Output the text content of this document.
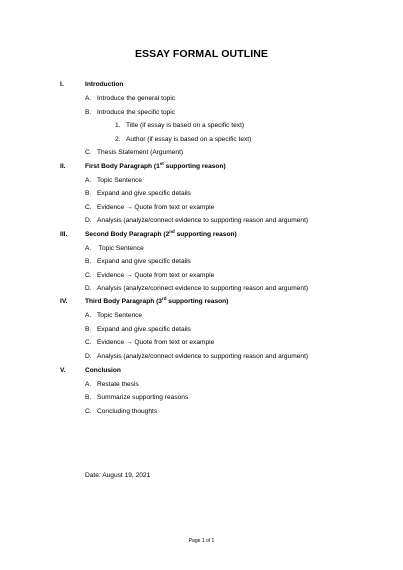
ESSAY FORMAL OUTLINE
I.	Introduction
A. Introduce the general topic
B. Introduce the specific topic
1. Title (if essay is based on a specific text)
2. Author (if essay is based on a specific text)
C. Thesis Statement (Argument)
II.	First Body Paragraph (1st supporting reason)
A. Topic Sentence
B. Expand and give specific details
C. Evidence → Quote from text or example
D. Analysis (analyze/connect evidence to supporting reason and argument)
III.	Second Body Paragraph (2nd supporting reason)
A. Topic Sentence
B. Expand and give specific details
C. Evidence → Quote from text or example
D. Analysis (analyze/connect evidence to supporting reason and argument)
IV.	Third Body Paragraph (3rd supporting reason)
A. Topic Sentence
B. Expand and give specific details
C. Evidence → Quote from text or example
D. Analysis (analyze/connect evidence to supporting reason and argument)
V.	Conclusion
A. Restate thesis
B. Summarize supporting reasons
C. Concluding thoughts
Date: August 19, 2021
Page 1 of 1
